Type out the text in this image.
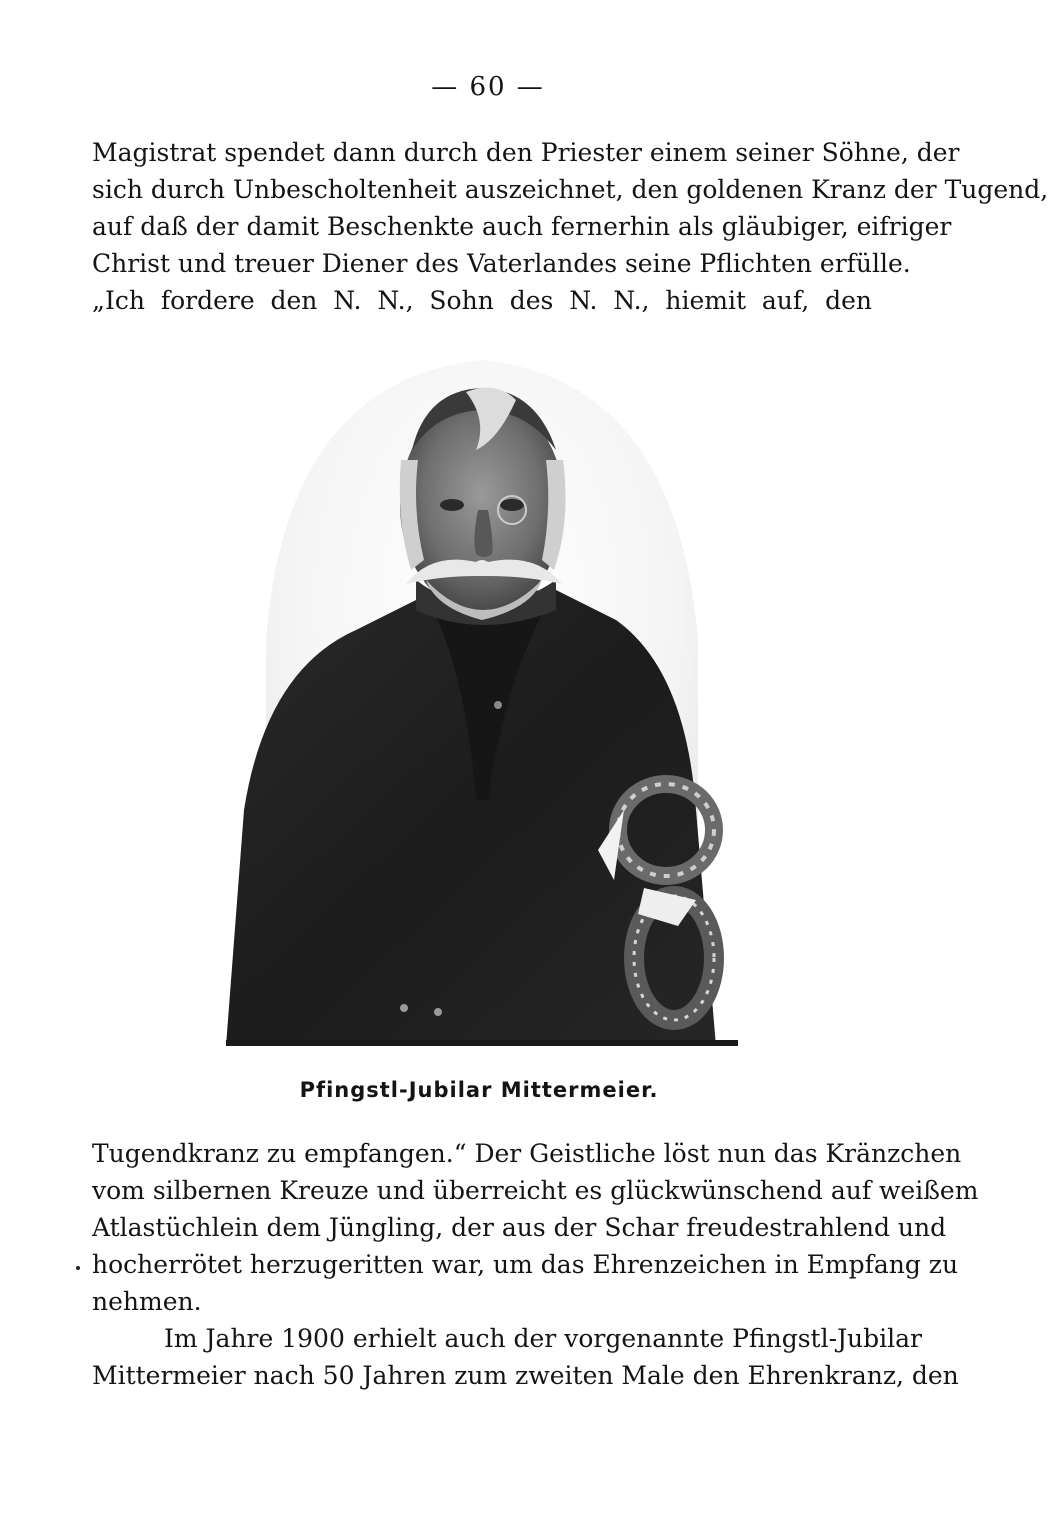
— 60 —
Magistrat spendet dann durch den Priester einem seiner Söhne, der
sich durch Unbescholtenheit auszeichnet, den goldenen Kranz der Tugend,
auf daß der damit Beschenkte auch fernerhin als gläubiger, eifriger
Christ und treuer Diener des Vaterlandes seine Pflichten erfülle.
„Ich fordere den N. N., Sohn des N. N., hiemit auf, den
Pfingstl-Jubilar Mittermeier.
Tugendkranz zu empfangen.“ Der Geistliche löst nun das Kränzchen
vom silbernen Kreuze und überreicht es glückwünschend auf weißem
Atlastüchlein dem Jüngling, der aus der Schar freudestrahlend und
hocherrötet herzugeritten war, um das Ehrenzeichen in Empfang zu
nehmen.
Im Jahre 1900 erhielt auch der vorgenannte Pfingstl-Jubilar
Mittermeier nach 50 Jahren zum zweiten Male den Ehrenkranz, den
